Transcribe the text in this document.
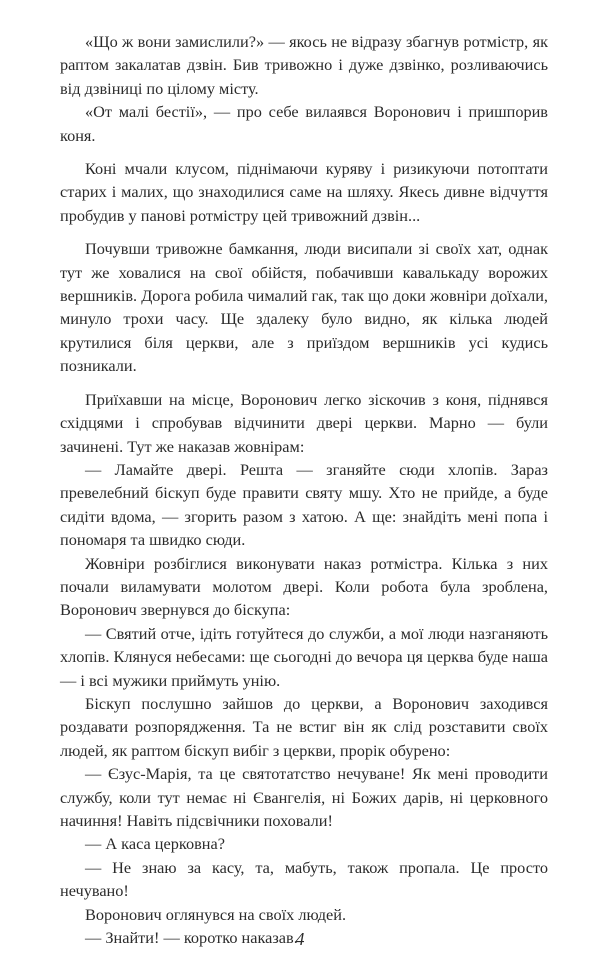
«Що ж вони замислили?» — якось не відразу збагнув ротмістр, як раптом закалатав дзвін. Бив тривожно і дуже дзвінко, розливаючись від дзвіниці по цілому місту.

«От малі бестії», — про себе вилаявся Воронович і пришпорив коня.

Коні мчали клусом, піднімаючи куряву і ризикуючи потоптати старих і малих, що знаходилися саме на шляху. Якесь дивне відчуття пробудив у панові ротмістру цей тривожний дзвін...

Почувши тривожне бамкання, люди висипали зі своїх хат, однак тут же ховалися на свої обійстя, побачивши кавалькаду ворожих вершників. Дорога робила чималий гак, так що доки жовніри доїхали, минуло трохи часу. Ще здалеку було видно, як кілька людей крутилися біля церкви, але з приїздом вершників усі кудись позникали.

Приїхавши на місце, Воронович легко зіскочив з коня, піднявся східцями і спробував відчинити двері церкви. Марно — були зачинені. Тут же наказав жовнірам:

— Ламайте двері. Решта — зганяйте сюди хлопів. Зараз превелебний біскуп буде правити святу мшу. Хто не прийде, а буде сидіти вдома, — згорить разом з хатою. А ще: знайдіть мені попа і пономаря та швидко сюди.

Жовніри розбіглися виконувати наказ ротмістра. Кілька з них почали виламувати молотом двері. Коли робота була зроблена, Воронович звернувся до біскупа:

— Святий отче, ідіть готуйтеся до служби, а мої люди назганяють хлопів. Клянуся небесами: ще сьогодні до вечора ця церква буде наша — і всі мужики приймуть унію.

Біскуп послушно зайшов до церкви, а Воронович заходився роздавати розпорядження. Та не встиг він як слід розставити своїх людей, як раптом біскуп вибіг з церкви, прорік обурено:

— Єзус-Марія, та це святотатство нечуване! Як мені проводити службу, коли тут немає ні Євангелія, ні Божих дарів, ні церковного начиння! Навіть підсвічники поховали!

— А каса церковна?

— Не знаю за касу, та, мабуть, також пропала. Це просто нечувано!

Воронович оглянувся на своїх людей.

— Знайти! — коротко наказав.

4
